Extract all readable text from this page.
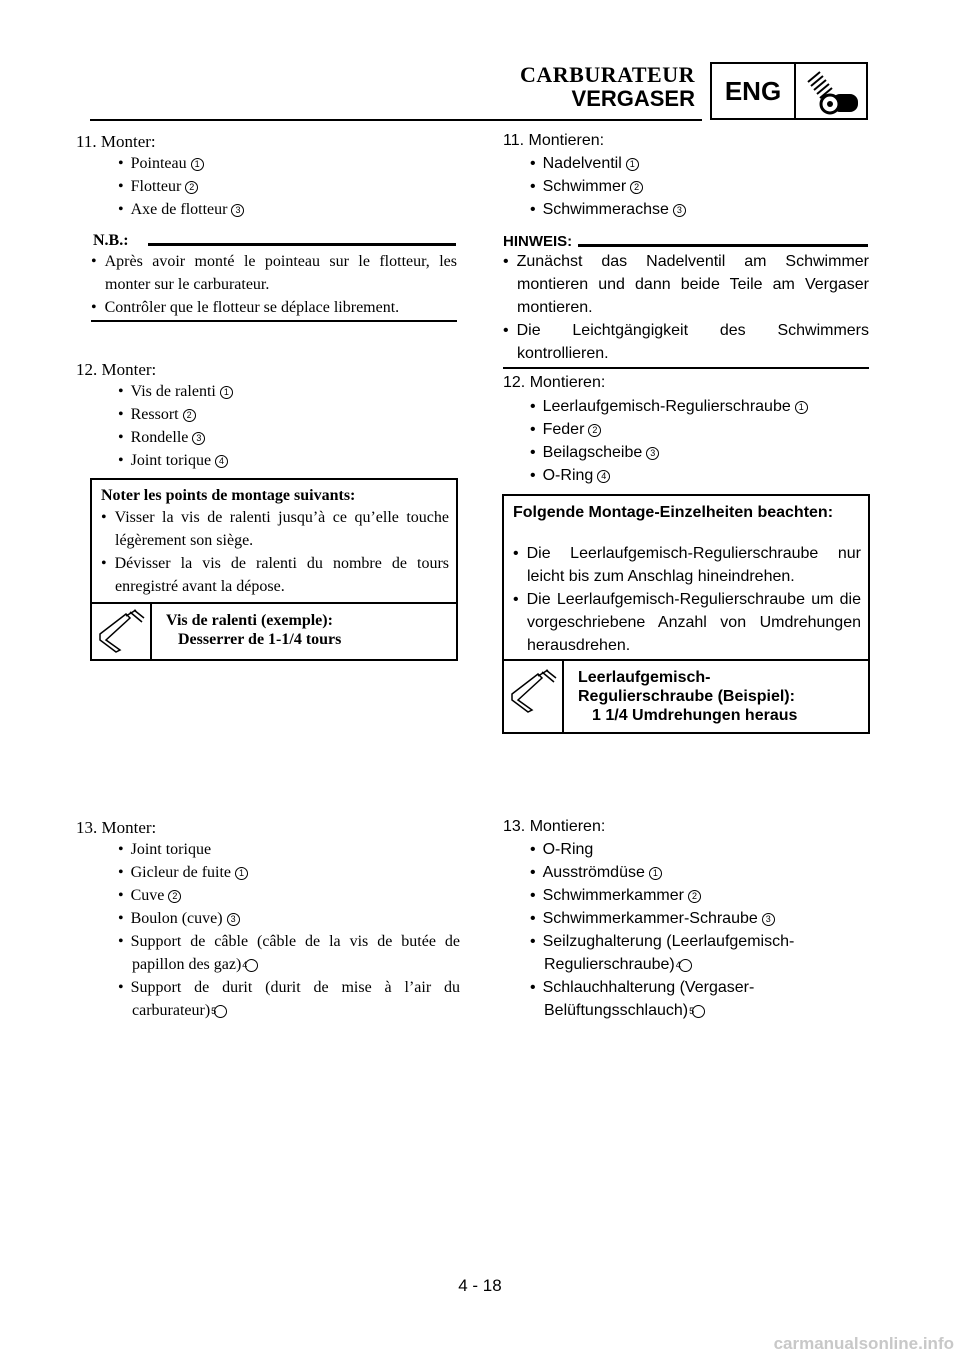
CARBURATEUR
VERGASER	ENG
11. Monter:
• Pointeau 1
• Flotteur 2
• Axe de flotteur 3
N.B.:
• Après avoir monté le pointeau sur le flotteur, les monter sur le carburateur.
• Contrôler que le flotteur se déplace librement.
12. Monter:
• Vis de ralenti 1
• Ressort 2
• Rondelle 3
• Joint torique 4
Noter les points de montage suivants:
• Visser la vis de ralenti jusqu’à ce qu’elle touche légèrement son siège.
• Dévisser la vis de ralenti du nombre de tours enregistré avant la dépose.
Vis de ralenti (exemple):
Desserrer de 1-1/4 tours
13. Monter:
• Joint torique
• Gicleur de fuite 1
• Cuve 2
• Boulon (cuve) 3
• Support de câble (câble de la vis de butée de papillon des gaz)4
• Support de durit (durit de mise à l’air du carburateur)5
11. Montieren:
• Nadelventil 1
• Schwimmer 2
• Schwimmerachse 3
HINWEIS:
• Zunächst das Nadelventil am Schwimmer montieren und dann beide Teile am Vergaser montieren.
• Die Leichtgängigkeit des Schwimmers kontrollieren.
12. Montieren:
• Leerlaufgemisch-Regulierschraube 1
• Feder 2
• Beilagscheibe 3
• O-Ring 4
Folgende Montage-Einzelheiten beachten:
• Die Leerlaufgemisch-Regulierschraube nur leicht bis zum Anschlag hineindrehen.
• Die Leerlaufgemisch-Regulierschraube um die vorgeschriebene Anzahl von Umdrehungen herausdrehen.
Leerlaufgemisch-Regulierschraube (Beispiel):
1 1/4 Umdrehungen heraus
13. Montieren:
• O-Ring
• Ausströmdüse 1
• Schwimmerkammer 2
• Schwimmerkammer-Schraube 3
• Seilzughalterung (Leerlaufgemisch-Regulierschraube)4
• Schlauchhalterung (Vergaser-Belüftungsschlauch)5
4 - 18
carmanualsonline.info
